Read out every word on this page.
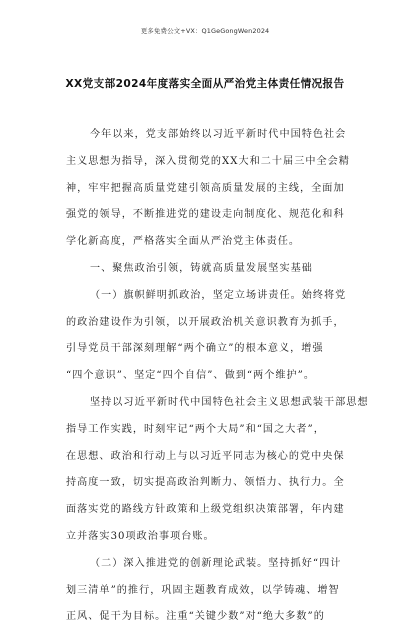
更多免费公文+VX：Q1GeGongWen2024
XX党支部2024年度落实全面从严治党主体责任情况报告
今年以来，党支部始终以习近平新时代中国特色社会
主义思想为指导，深入贯彻党的XX大和二十届三中全会精
神，牢牢把握高质量党建引领高质量发展的主线，全面加
强党的领导，不断推进党的建设走向制度化、规范化和科
学化新高度，严格落实全面从严治党主体责任。
一、聚焦政治引领，铸就高质量发展坚实基础
（一）旗帜鲜明抓政治，坚定立场讲责任。始终将党
的政治建设作为引领，以开展政治机关意识教育为抓手，
引导党员干部深刻理解“两个确立”的根本意义，增强
“四个意识”、坚定“四个自信”、做到“两个维护”。
坚持以习近平新时代中国特色社会主义思想武装干部思想
指导工作实践，时刻牢记“两个大局”和“国之大者”，
在思想、政治和行动上与以习近平同志为核心的党中央保
持高度一致，切实提高政治判断力、领悟力、执行力。全
面落实党的路线方针政策和上级党组织决策部署，年内建
立并落实30项政治事项台账。
（二）深入推进党的创新理论武装。坚持抓好“四计
划三清单”的推行，巩固主题教育成效，以学铸魂、增智
正风、促干为目标。注重“关键少数”对“绝大多数”的
